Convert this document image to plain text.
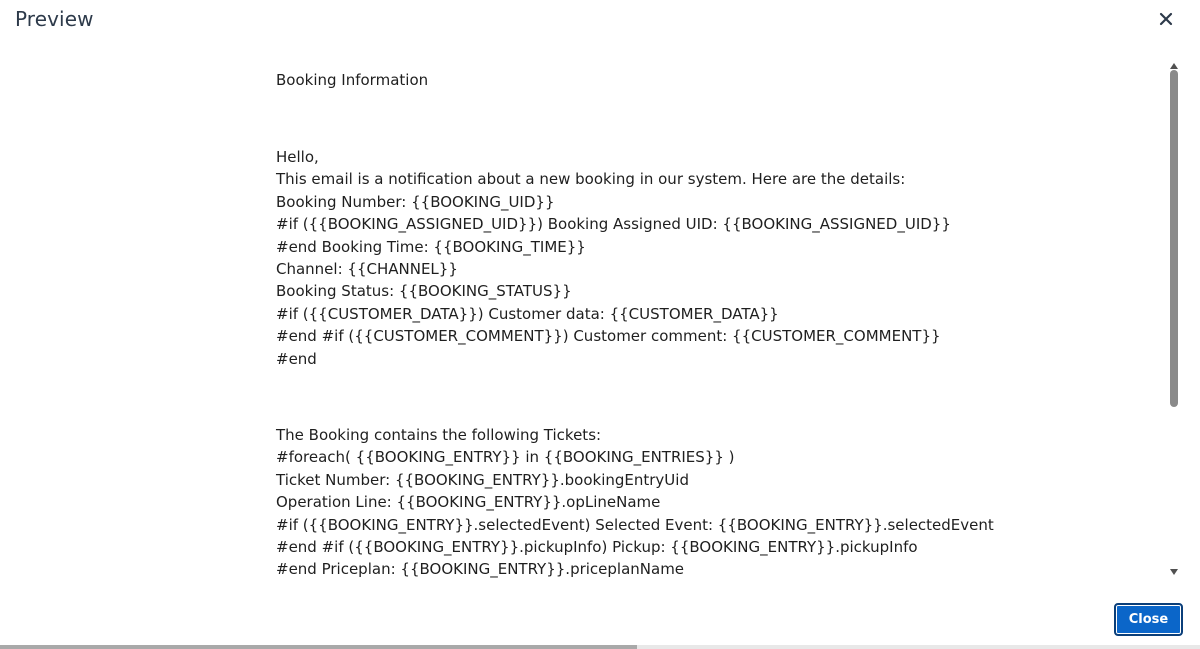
Preview
Booking Information
Hello,
This email is a notification about a new booking in our system. Here are the details:
Booking Number: {{BOOKING_UID}}
#if ({{BOOKING_ASSIGNED_UID}}) Booking Assigned UID: {{BOOKING_ASSIGNED_UID}}
#end Booking Time: {{BOOKING_TIME}}
Channel: {{CHANNEL}}
Booking Status: {{BOOKING_STATUS}}
#if ({{CUSTOMER_DATA}}) Customer data: {{CUSTOMER_DATA}}
#end #if ({{CUSTOMER_COMMENT}}) Customer comment: {{CUSTOMER_COMMENT}}
#end
The Booking contains the following Tickets:
#foreach( {{BOOKING_ENTRY}} in {{BOOKING_ENTRIES}} )
Ticket Number: {{BOOKING_ENTRY}}.bookingEntryUid
Operation Line: {{BOOKING_ENTRY}}.opLineName
#if ({{BOOKING_ENTRY}}.selectedEvent) Selected Event: {{BOOKING_ENTRY}}.selectedEvent
#end #if ({{BOOKING_ENTRY}}.pickupInfo) Pickup: {{BOOKING_ENTRY}}.pickupInfo
#end Priceplan: {{BOOKING_ENTRY}}.priceplanName
Close
